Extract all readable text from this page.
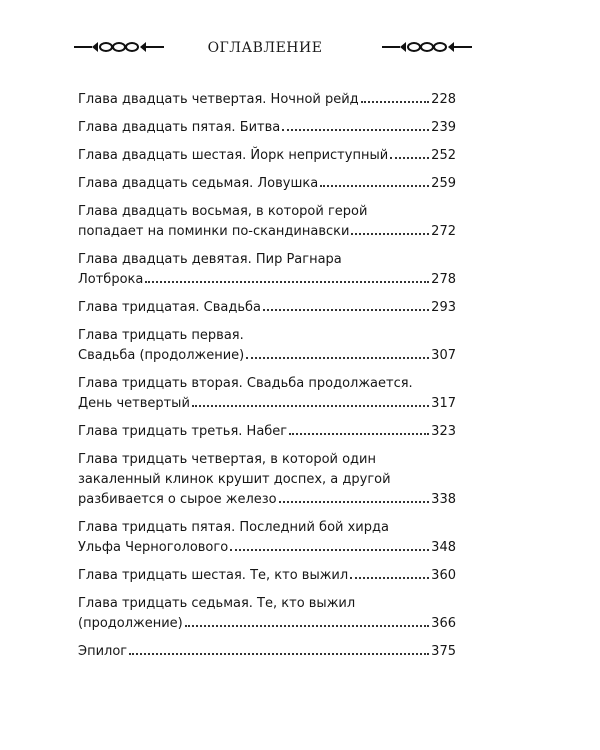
ОГЛАВЛЕНИЕ
Глава двадцать четвертая. Ночной рейд	228
Глава двадцать пятая. Битва	239
Глава двадцать шестая. Йорк неприступный	252
Глава двадцать седьмая. Ловушка	259
Глава двадцать восьмая, в которой герой
попадает на поминки по-скандинавски	272
Глава двадцать девятая. Пир Рагнара
Лотброка	278
Глава тридцатая. Свадьба	293
Глава тридцать первая.
Свадьба (продолжение)	307
Глава тридцать вторая. Свадьба продолжается.
День четвертый	317
Глава тридцать третья. Набег	323
Глава тридцать четвертая, в которой один
закаленный клинок крушит доспех, а другой
разбивается о сырое железо	338
Глава тридцать пятая. Последний бой хирда
Ульфа Черноголового	348
Глава тридцать шестая. Те, кто выжил	360
Глава тридцать седьмая. Те, кто выжил
(продолжение)	366
Эпилог	375
